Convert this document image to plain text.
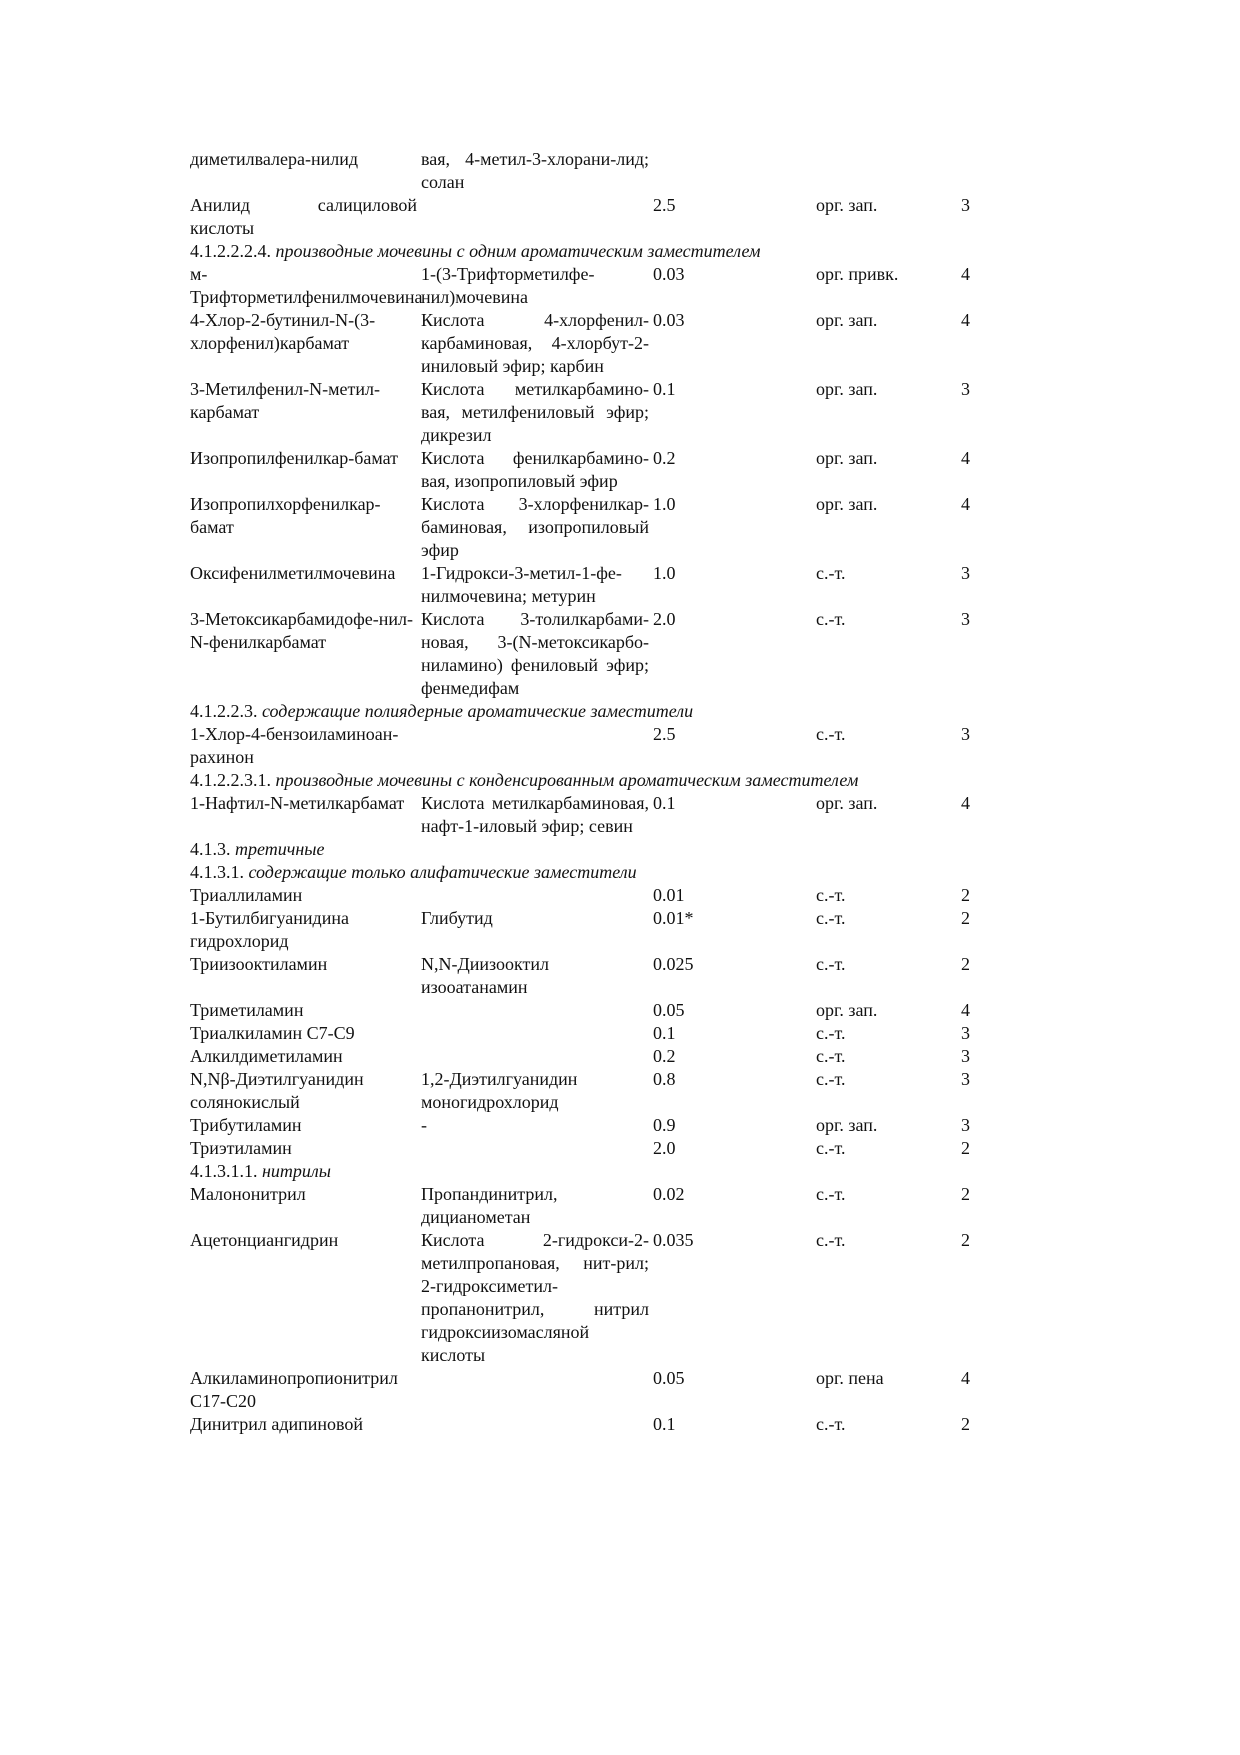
диметилвалера-нилид	вая, 4-метил-3-хлорани-лид; солан			
Анилид салициловой кислоты		2.5	орг. зап.	3
4.1.2.2.2.4. производные мочевины с одним ароматическим заместителем				
м-Трифторметилфенилмочевина	1-(3-Трифторметилфе-нил)мочевина	0.03	орг. привк.	4
4-Хлор-2-бутинил-N-(3-хлорфенил)карбамат	Кислота 4-хлорфенил-карбаминовая, 4-хлорбут-2-иниловый эфир; карбин	0.03	орг. зап.	4
3-Метилфенил-N-метил-карбамат	Кислота метилкарбамино-вая, метилфениловый эфир; дикрезил	0.1	орг. зап.	3
Изопропилфенилкар-бамат	Кислота фенилкарбамино-вая, изопропиловый эфир	0.2	орг. зап.	4
Изопропилхорфенилкар-бамат	Кислота 3-хлорфенилкар-баминовая, изопропиловый эфир	1.0	орг. зап.	4
Оксифенилметилмочевина	1-Гидрокси-3-метил-1-фе-нилмочевина; метурин	1.0	с.-т.	3
3-Метоксикарбамидофе-нил-N-фенилкарбамат	Кислота 3-толилкарбами-новая, 3-(N-метоксикарбо-ниламино) фениловый эфир; фенмедифам	2.0	с.-т.	3
4.1.2.2.3. содержащие полиядерные ароматические заместители				
1-Хлор-4-бензоиламиноан-рахинон		2.5	с.-т.	3
4.1.2.2.3.1. производные мочевины с конденсированным ароматическим заместителем				
1-Нафтил-N-метилкарбамат	Кислота метилкарбаминовая, нафт-1-иловый эфир; севин	0.1	орг. зап.	4
4.1.3. третичные				
4.1.3.1. содержащие только алифатические заместители				
Триаллиламин		0.01	с.-т.	2
1-Бутилбигуанидина гидрохлорид	Глибутид	0.01*	с.-т.	2
Триизооктиламин	N,N-Диизооктил изооатанамин	0.025	с.-т.	2
Триметиламин		0.05	орг. зап.	4
Триалкиламин С7-С9		0.1	с.-т.	3
Алкилдиметиламин		0.2	с.-т.	3
N,Nβ-Диэтилгуанидин солянокислый	1,2-Диэтилгуанидин моногидрохлорид	0.8	с.-т.	3
Трибутиламин	-	0.9	орг. зап.	3
Триэтиламин		2.0	с.-т.	2
4.1.3.1.1. нитрилы				
Малононитрил	Пропандинитрил, дицианометан	0.02	с.-т.	2
Ацетонциангидрин	Кислота 2-гидрокси-2-метилпропановая, нит-рил; 2-гидроксиметил-пропанонитрил, нитрил гидроксиизомасляной кислоты	0.035	с.-т.	2
Алкиламинопропионитрил С17-С20		0.05	орг. пена	4
Динитрил адипиновой		0.1	с.-т.	2
